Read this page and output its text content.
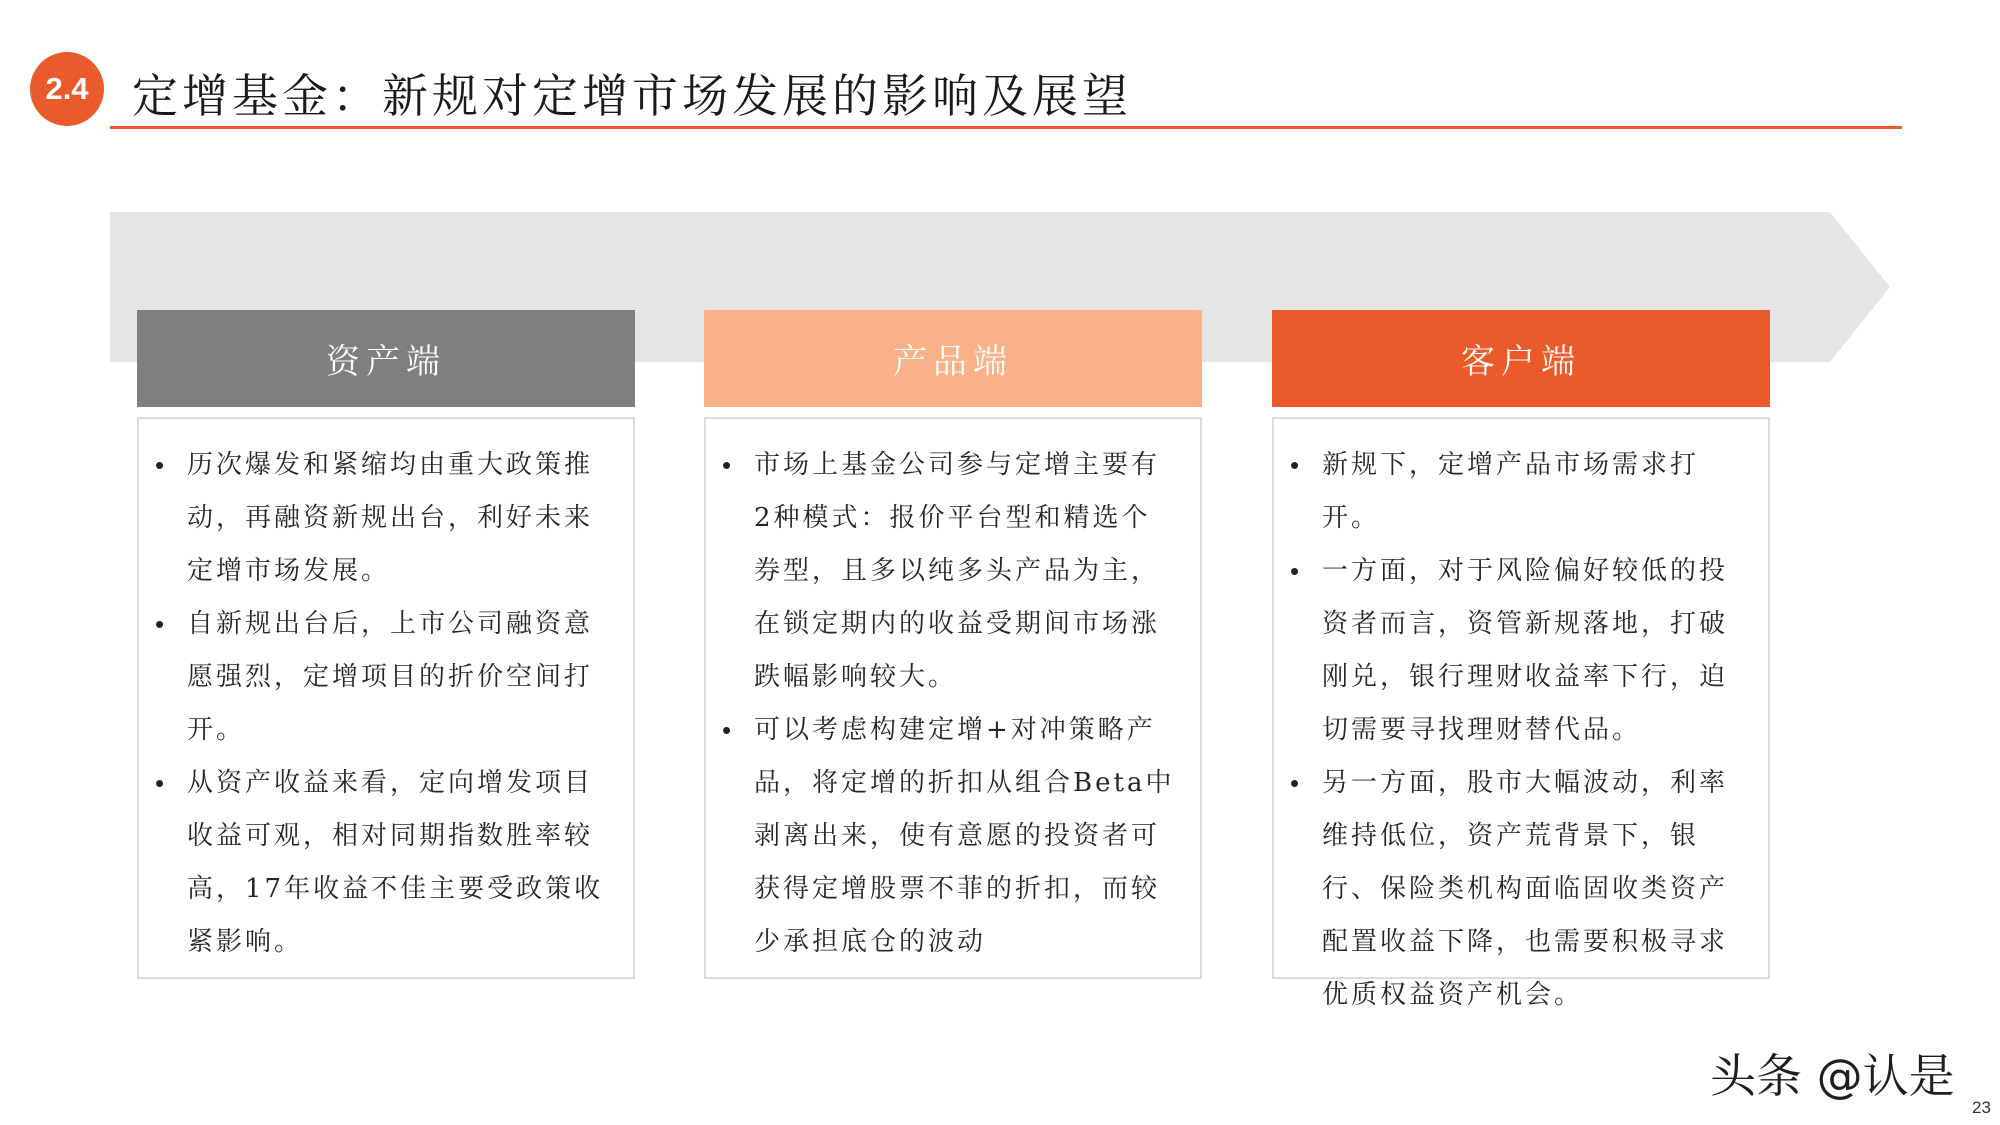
2.4 定增基金：新规对定增市场发展的影响及展望
资产端
• 历次爆发和紧缩均由重大政策推动，再融资新规出台，利好未来定增市场发展。
• 自新规出台后，上市公司融资意愿强烈，定增项目的折价空间打开。
• 从资产收益来看，定向增发项目收益可观，相对同期指数胜率较高，17年收益不佳主要受政策收紧影响。
产品端
• 市场上基金公司参与定增主要有2种模式：报价平台型和精选个券型，且多以纯多头产品为主，在锁定期内的收益受期间市场涨跌幅影响较大。
• 可以考虑构建定增+对冲策略产品，将定增的折扣从组合Beta中剥离出来，使有意愿的投资者可获得定增股票不菲的折扣，而较少承担底仓的波动
客户端
• 新规下，定增产品市场需求打开。
• 一方面，对于风险偏好较低的投资者而言，资管新规落地，打破刚兑，银行理财收益率下行，迫切需要寻找理财替代品。
• 另一方面，股市大幅波动，利率维持低位，资产荒背景下，银行、保险类机构面临固收类资产配置收益下降，也需要积极寻求优质权益资产机会。
头条 @认是
23
